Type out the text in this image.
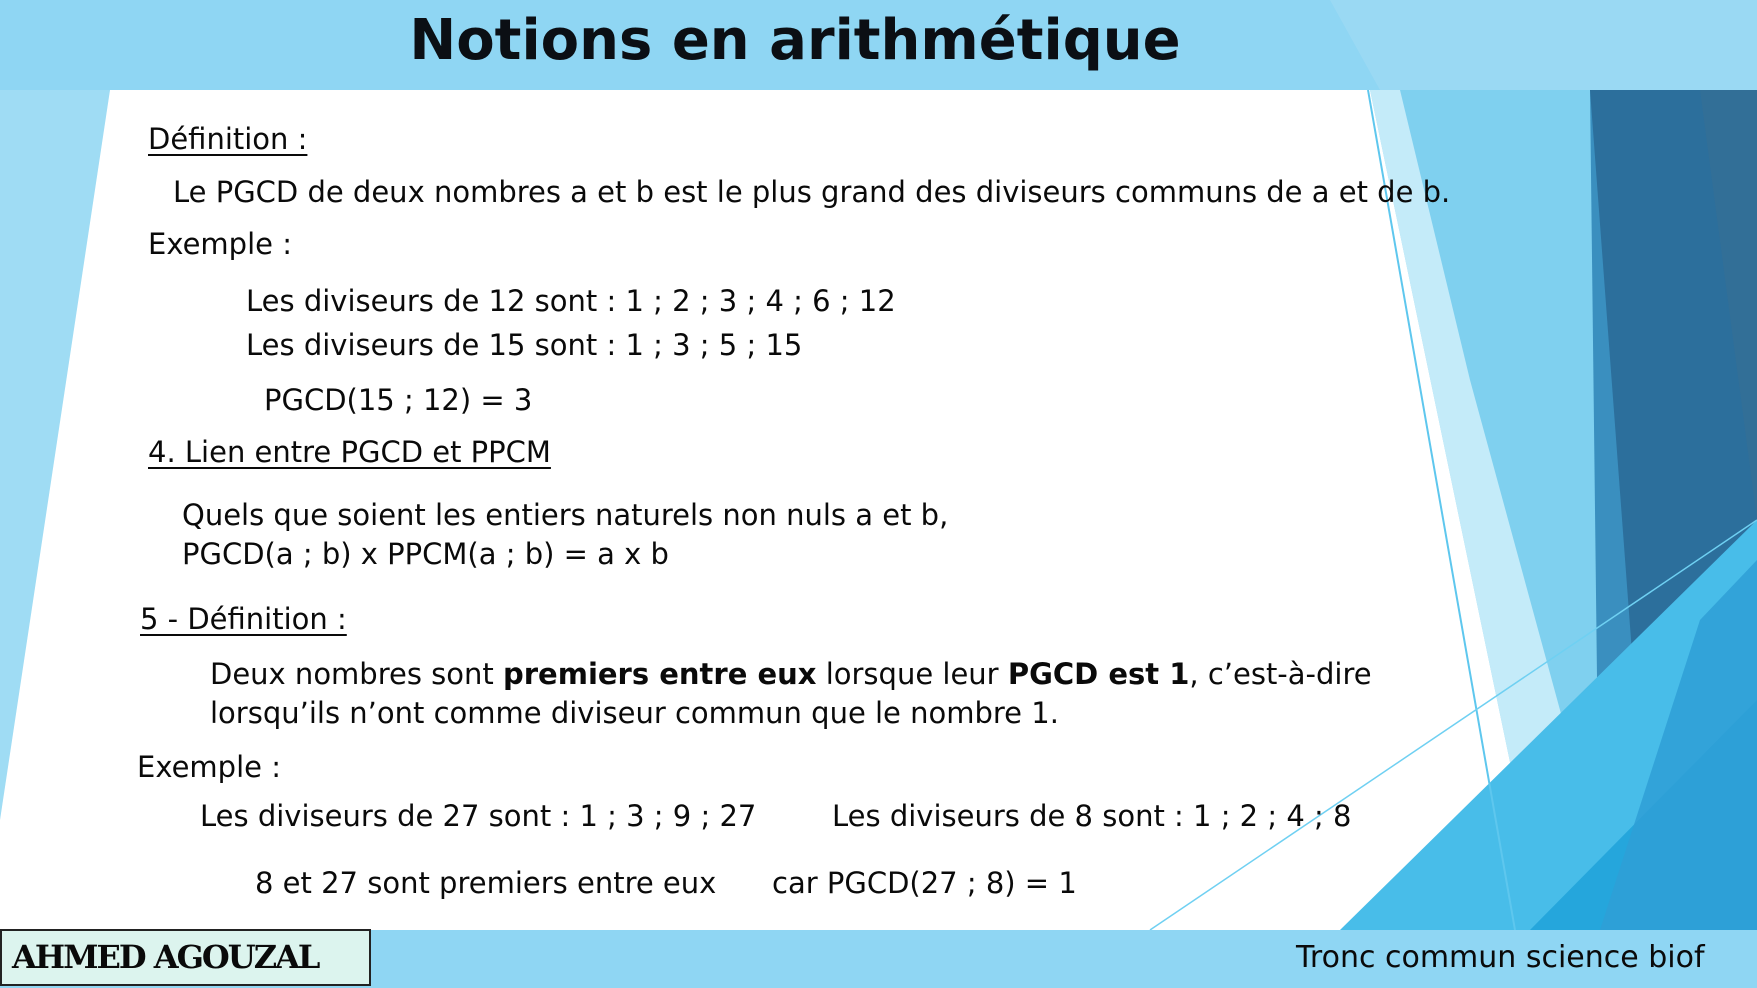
Notions en arithmétique
Définition :
Le PGCD de deux nombres a et b est le plus grand des diviseurs communs de a et de b.
Exemple :
Les diviseurs de 12 sont : 1 ; 2 ; 3 ; 4 ; 6 ; 12
Les diviseurs de 15 sont : 1 ; 3 ; 5 ; 15
PGCD(15 ; 12) = 3
4. Lien entre PGCD et PPCM
Quels que soient les entiers naturels non nuls a et b,
PGCD(a ; b) x PPCM(a ; b) = a x b
5 - Définition :
Deux nombres sont premiers entre eux lorsque leur PGCD est 1, c’est-à-dire
lorsqu’ils n’ont comme diviseur commun que le nombre 1.
Exemple :
Les diviseurs de 27 sont : 1 ; 3 ; 9 ; 27	Les diviseurs de 8 sont : 1 ; 2 ; 4 ; 8
8 et 27 sont premiers entre eux car PGCD(27 ; 8) = 1
AHMED AGOUZAL	Tronc commun science biof
